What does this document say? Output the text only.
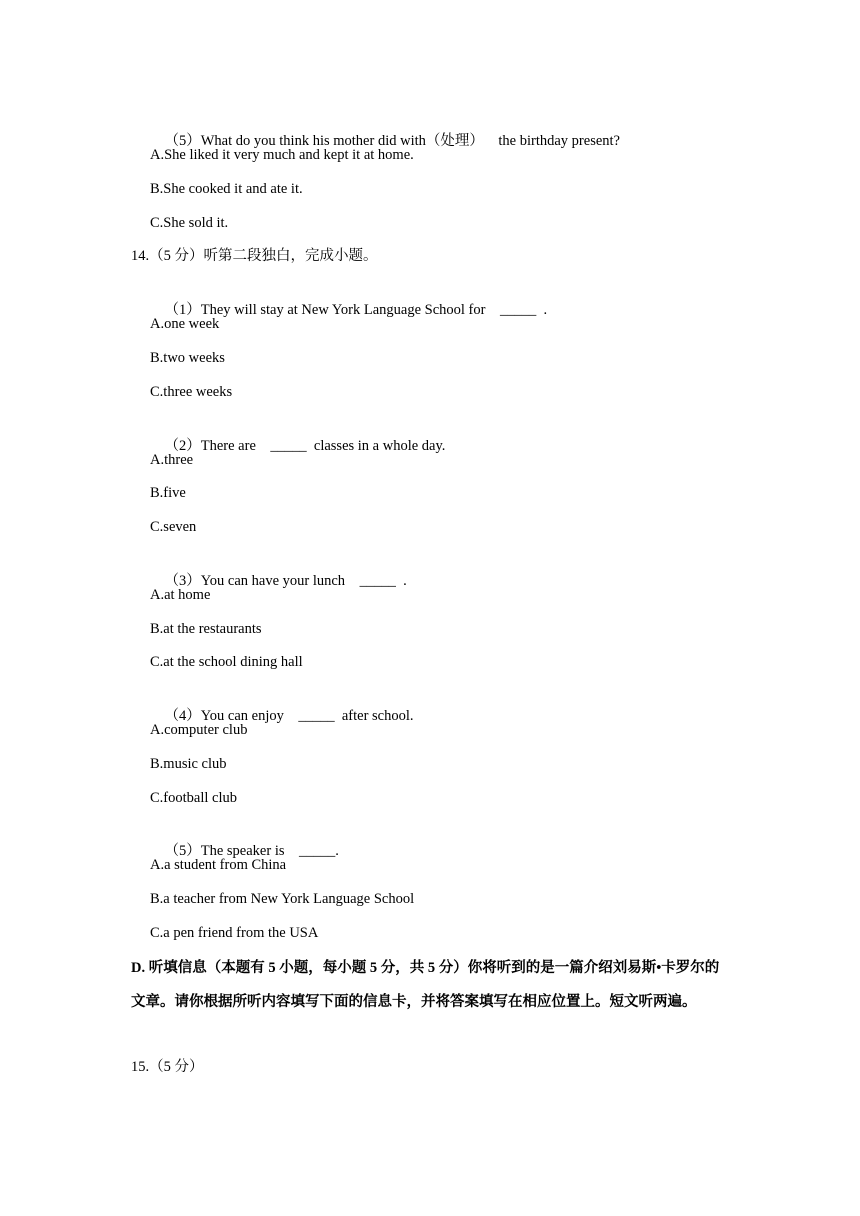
（5）What do you think his mother did with（处理） the birthday present?

A.She liked it very much and kept it at home.
B.She cooked it and ate it.
C.She sold it.
14.（5 分）听第二段独白，完成小题。

（1）They will stay at New York Language School for _____ .

A.one week
B.two weeks
C.three weeks

（2）There are _____ classes in a whole day.

A.three
B.five
C.seven

（3）You can have your lunch _____ .

A.at home
B.at the restaurants
C.at the school dining hall

（4）You can enjoy _____ after school.

A.computer club
B.music club
C.football club

（5）The speaker is _____.

A.a student from China
B.a teacher from New York Language School
C.a pen friend from the USA
D. 听填信息（本题有 5 小题，每小题 5 分，共 5 分）你将听到的是一篇介绍刘易斯•卡罗尔的文章。请你根据所听内容填写下面的信息卡，并将答案填写在相应位置上。短文听两遍。
15.（5 分）
